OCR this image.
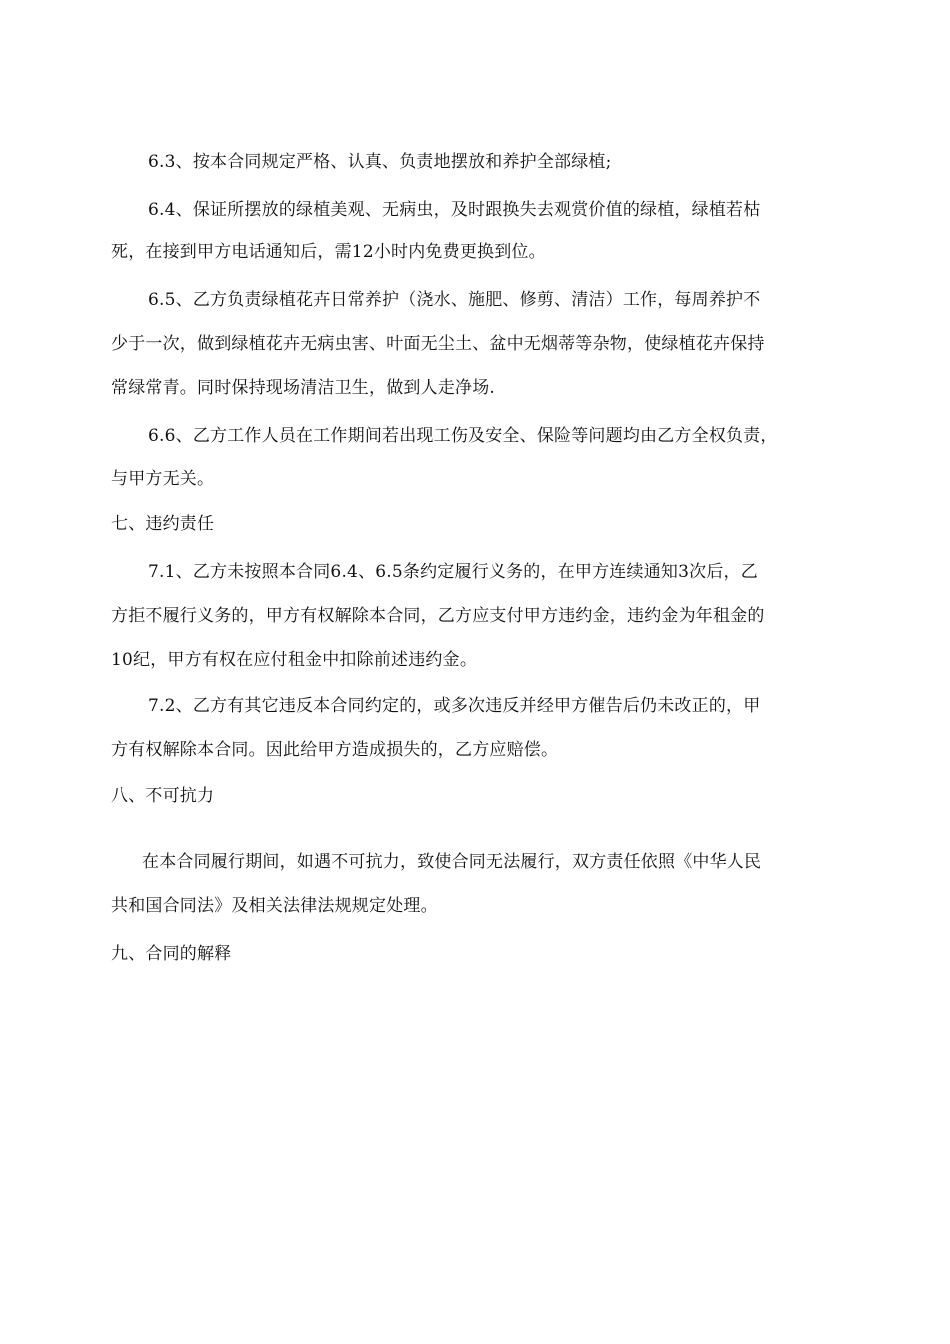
6.3、按本合同规定严格、认真、负责地摆放和养护全部绿植;
6.4、保证所摆放的绿植美观、无病虫，及时跟换失去观赏价值的绿植，绿植若枯
死，在接到甲方电话通知后，需12小时内免费更换到位。
6.5、乙方负责绿植花卉日常养护（浇水、施肥、修剪、清洁）工作，每周养护不
少于一次，做到绿植花卉无病虫害、叶面无尘土、盆中无烟蒂等杂物，使绿植花卉保持
常绿常青。同时保持现场清洁卫生，做到人走净场.
6.6、乙方工作人员在工作期间若出现工伤及安全、保险等问题均由乙方全权负责，
与甲方无关。
七、违约责任
7.1、乙方未按照本合同6.4、6.5条约定履行义务的，在甲方连续通知3次后，乙
方拒不履行义务的，甲方有权解除本合同，乙方应支付甲方违约金，违约金为年租金的
10纪，甲方有权在应付租金中扣除前述违约金。
7.2、乙方有其它违反本合同约定的，或多次违反并经甲方催告后仍未改正的，甲
方有权解除本合同。因此给甲方造成损失的，乙方应赔偿。
八、不可抗力
在本合同履行期间，如遇不可抗力，致使合同无法履行，双方责任依照《中华人民
共和国合同法》及相关法律法规规定处理。
九、合同的解释
